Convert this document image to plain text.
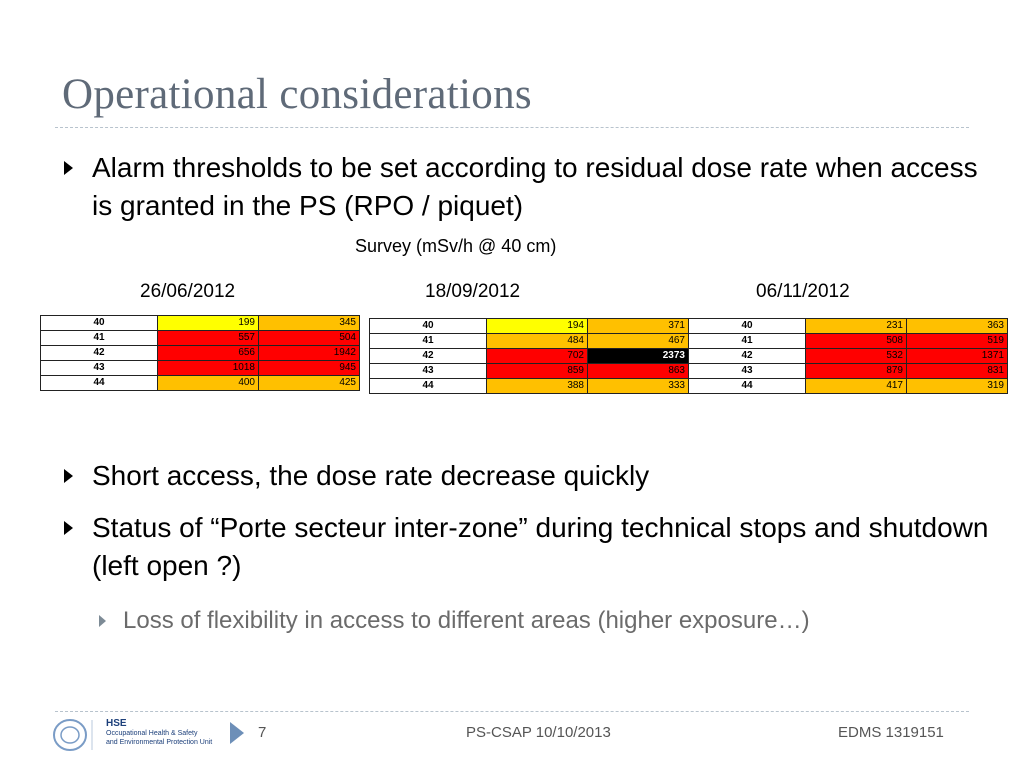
Operational considerations
Alarm thresholds to be set according to residual dose rate when access is granted in the PS (RPO / piquet)
Survey (mSv/h @ 40 cm)
26/06/2012	18/09/2012	06/11/2012
40	199	345
41	557	504
42	656	1942
43	1018	945
44	400	425
40	194	371
41	484	467
42	702	2373
43	859	863
44	388	333
40	231	363
41	508	519
42	532	1371
43	879	831
44	417	319
Short access, the dose rate decrease quickly
Status of “Porte secteur inter-zone” during technical stops and shutdown (left open ?)
Loss of flexibility in access to different areas (higher exposure…)
HSE
Occupational Health & Safety
and Environmental Protection Unit
7	PS-CSAP 10/10/2013	EDMS 1319151
